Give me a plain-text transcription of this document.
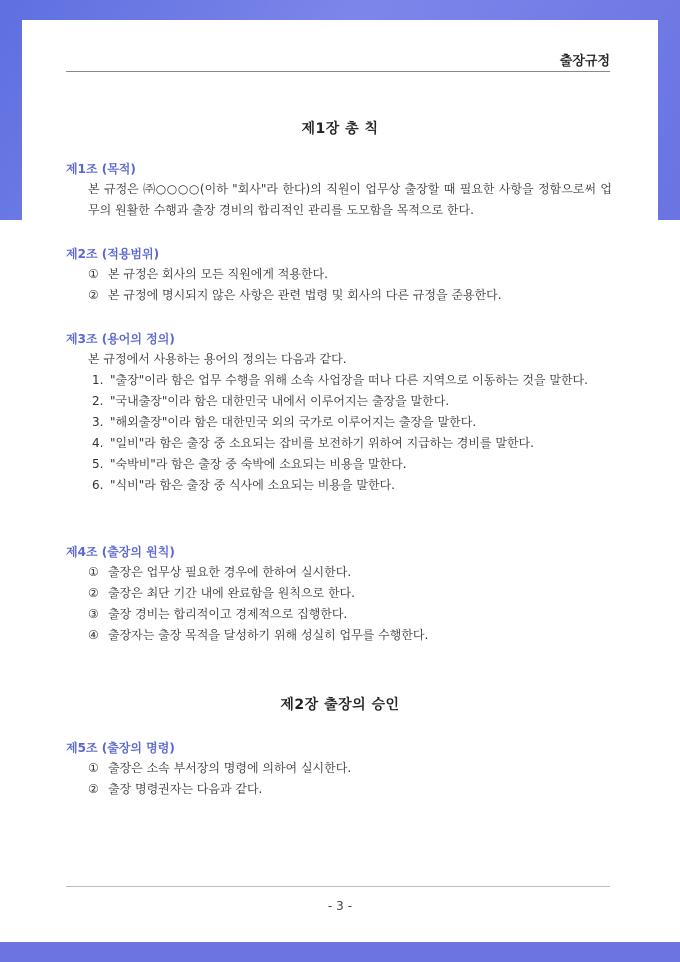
출장규정
제1장 총 칙
제1조 (목적)
본 규정은 ㈜○○○○(이하 "회사"라 한다)의 직원이 업무상 출장할 때 필요한 사항을 정함으로써 업무의 원활한 수행과 출장 경비의 합리적인 관리를 도모함을 목적으로 한다.
제2조 (적용범위)
① 본 규정은 회사의 모든 직원에게 적용한다.
② 본 규정에 명시되지 않은 사항은 관련 법령 및 회사의 다른 규정을 준용한다.
제3조 (용어의 정의)
본 규정에서 사용하는 용어의 정의는 다음과 같다.
1. "출장"이라 함은 업무 수행을 위해 소속 사업장을 떠나 다른 지역으로 이동하는 것을 말한다.
2. "국내출장"이라 함은 대한민국 내에서 이루어지는 출장을 말한다.
3. "해외출장"이라 함은 대한민국 외의 국가로 이루어지는 출장을 말한다.
4. "일비"라 함은 출장 중 소요되는 잡비를 보전하기 위하여 지급하는 경비를 말한다.
5. "숙박비"라 함은 출장 중 숙박에 소요되는 비용을 말한다.
6. "식비"라 함은 출장 중 식사에 소요되는 비용을 말한다.
제4조 (출장의 원칙)
① 출장은 업무상 필요한 경우에 한하여 실시한다.
② 출장은 최단 기간 내에 완료함을 원칙으로 한다.
③ 출장 경비는 합리적이고 경제적으로 집행한다.
④ 출장자는 출장 목적을 달성하기 위해 성실히 업무를 수행한다.
제2장 출장의 승인
제5조 (출장의 명령)
① 출장은 소속 부서장의 명령에 의하여 실시한다.
② 출장 명령권자는 다음과 같다.
- 3 -
